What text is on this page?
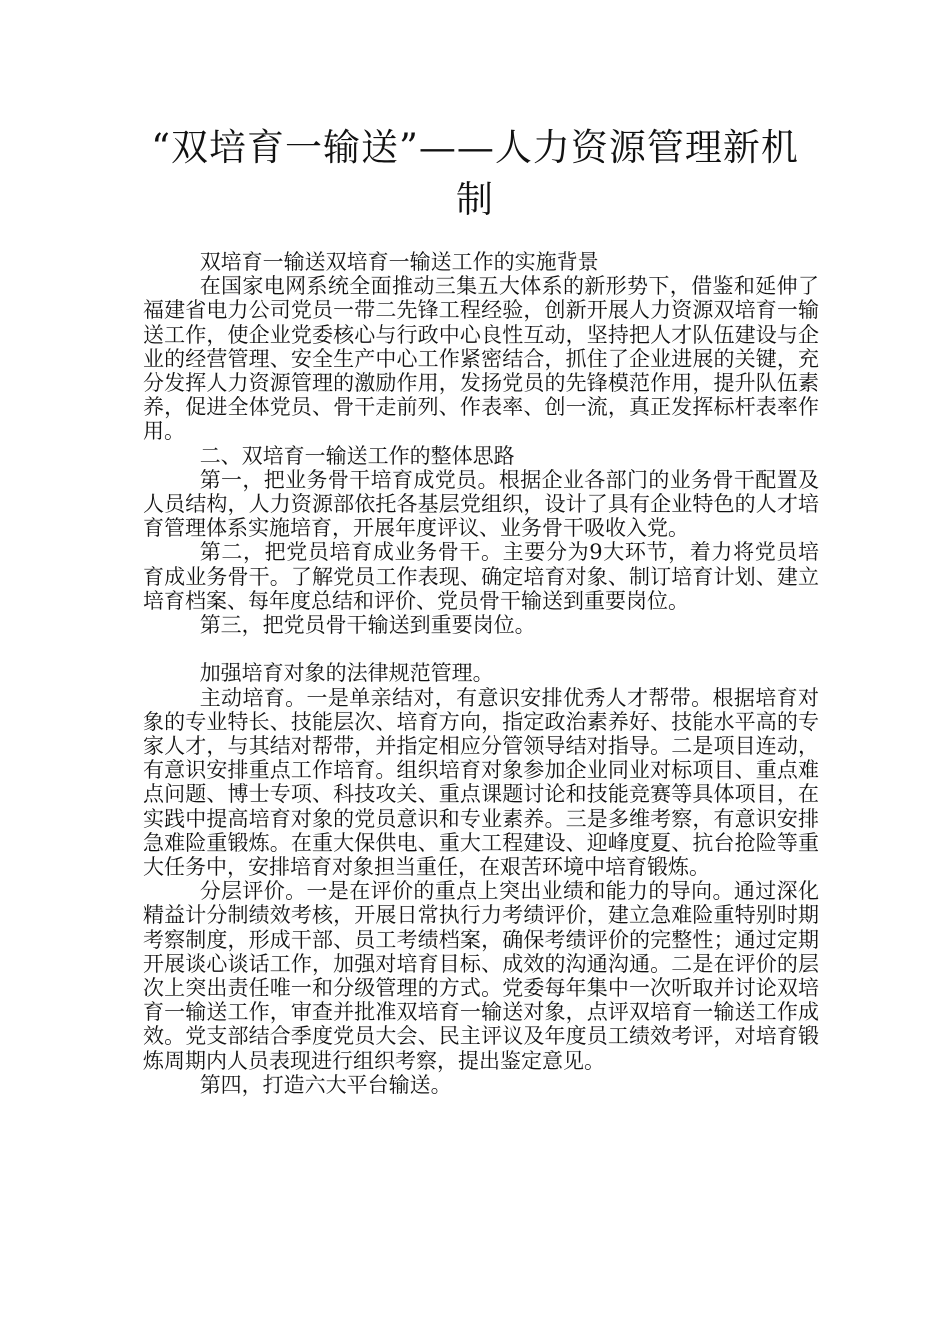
“双培育一输送”——人力资源管理新机制

双培育一输送双培育一输送工作的实施背景

在国家电网系统全面推动三集五大体系的新形势下，借鉴和延伸了福建省电力公司党员一带二先锋工程经验，创新开展人力资源双培育一输送工作，使企业党委核心与行政中心良性互动，坚持把人才队伍建设与企业的经营管理、安全生产中心工作紧密结合，抓住了企业进展的关键，充分发挥人力资源管理的激励作用，发扬党员的先锋模范作用，提升队伍素养，促进全体党员、骨干走前列、作表率、创一流，真正发挥标杆表率作用。

二、双培育一输送工作的整体思路

第一，把业务骨干培育成党员。根据企业各部门的业务骨干配置及人员结构，人力资源部依托各基层党组织，设计了具有企业特色的人才培育管理体系实施培育，开展年度评议、业务骨干吸收入党。

第二，把党员培育成业务骨干。主要分为9大环节，着力将党员培育成业务骨干。了解党员工作表现、确定培育对象、制订培育计划、建立培育档案、每年度总结和评价、党员骨干输送到重要岗位。

第三，把党员骨干输送到重要岗位。

加强培育对象的法律规范管理。

主动培育。一是单亲结对，有意识安排优秀人才帮带。根据培育对象的专业特长、技能层次、培育方向，指定政治素养好、技能水平高的专家人才，与其结对帮带，并指定相应分管领导结对指导。二是项目连动，有意识安排重点工作培育。组织培育对象参加企业同业对标项目、重点难点问题、博士专项、科技攻关、重点课题讨论和技能竞赛等具体项目，在实践中提高培育对象的党员意识和专业素养。三是多维考察，有意识安排急难险重锻炼。在重大保供电、重大工程建设、迎峰度夏、抗台抢险等重大任务中，安排培育对象担当重任，在艰苦环境中培育锻炼。

分层评价。一是在评价的重点上突出业绩和能力的导向。通过深化精益计分制绩效考核，开展日常执行力考绩评价，建立急难险重特别时期考察制度，形成干部、员工考绩档案，确保考绩评价的完整性；通过定期开展谈心谈话工作，加强对培育目标、成效的沟通沟通。二是在评价的层次上突出责任唯一和分级管理的方式。党委每年集中一次听取并讨论双培育一输送工作，审查并批准双培育一输送对象，点评双培育一输送工作成效。党支部结合季度党员大会、民主评议及年度员工绩效考评，对培育锻炼周期内人员表现进行组织考察，提出鉴定意见。

第四，打造六大平台输送。
